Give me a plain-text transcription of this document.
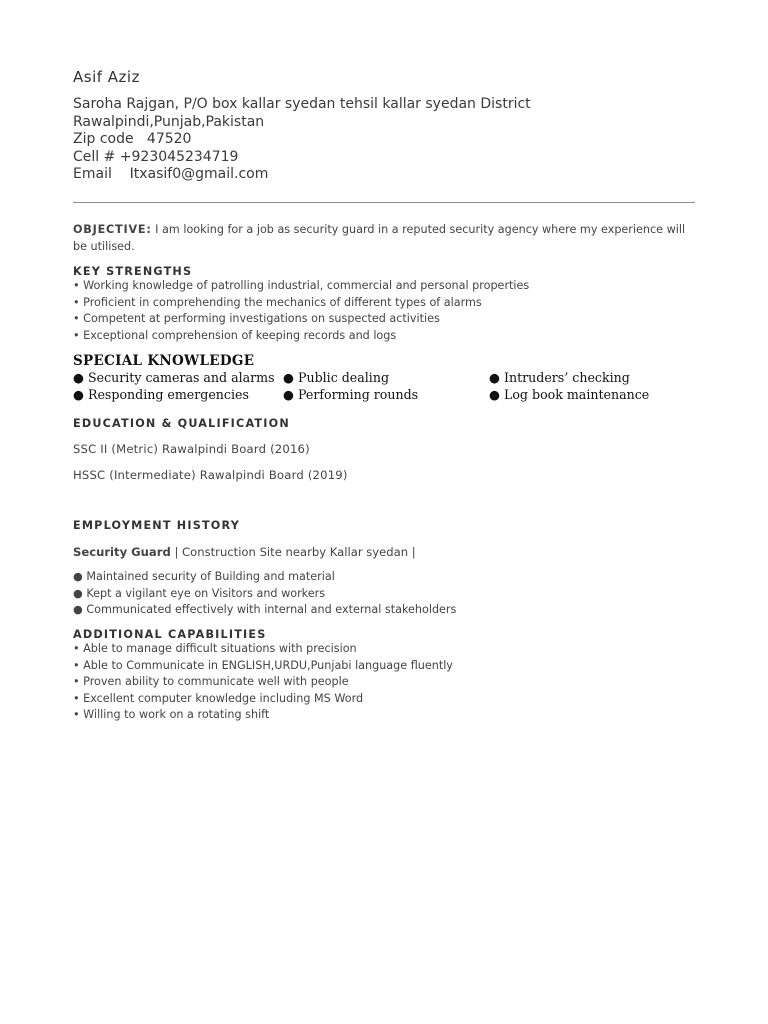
Asif Aziz
Saroha Rajgan, P/O box kallar syedan tehsil kallar syedan District
Rawalpindi,Punjab,Pakistan
Zip code   47520
Cell # +923045234719
Email    Itxasif0@gmail.com
OBJECTIVE: I am looking for a job as security guard in a reputed security agency where my experience will be utilised.
KEY STRENGTHS
• Working knowledge of patrolling industrial, commercial and personal properties
• Proficient in comprehending the mechanics of different types of alarms
• Competent at performing investigations on suspected activities
• Exceptional comprehension of keeping records and logs
SPECIAL KNOWLEDGE
● Security cameras and alarms ● Public dealing	● Intruders’ checking
● Responding emergencies	● Performing rounds	● Log book maintenance
EDUCATION & QUALIFICATION
SSC II (Metric) Rawalpindi Board (2016)
HSSC (Intermediate) Rawalpindi Board (2019)
EMPLOYMENT HISTORY
Security Guard | Construction Site nearby Kallar syedan |
● Maintained security of Building and material
● Kept a vigilant eye on Visitors and workers
● Communicated effectively with internal and external stakeholders
ADDITIONAL CAPABILITIES
• Able to manage difficult situations with precision
• Able to Communicate in ENGLISH,URDU,Punjabi language fluently
• Proven ability to communicate well with people
• Excellent computer knowledge including MS Word
• Willing to work on a rotating shift
